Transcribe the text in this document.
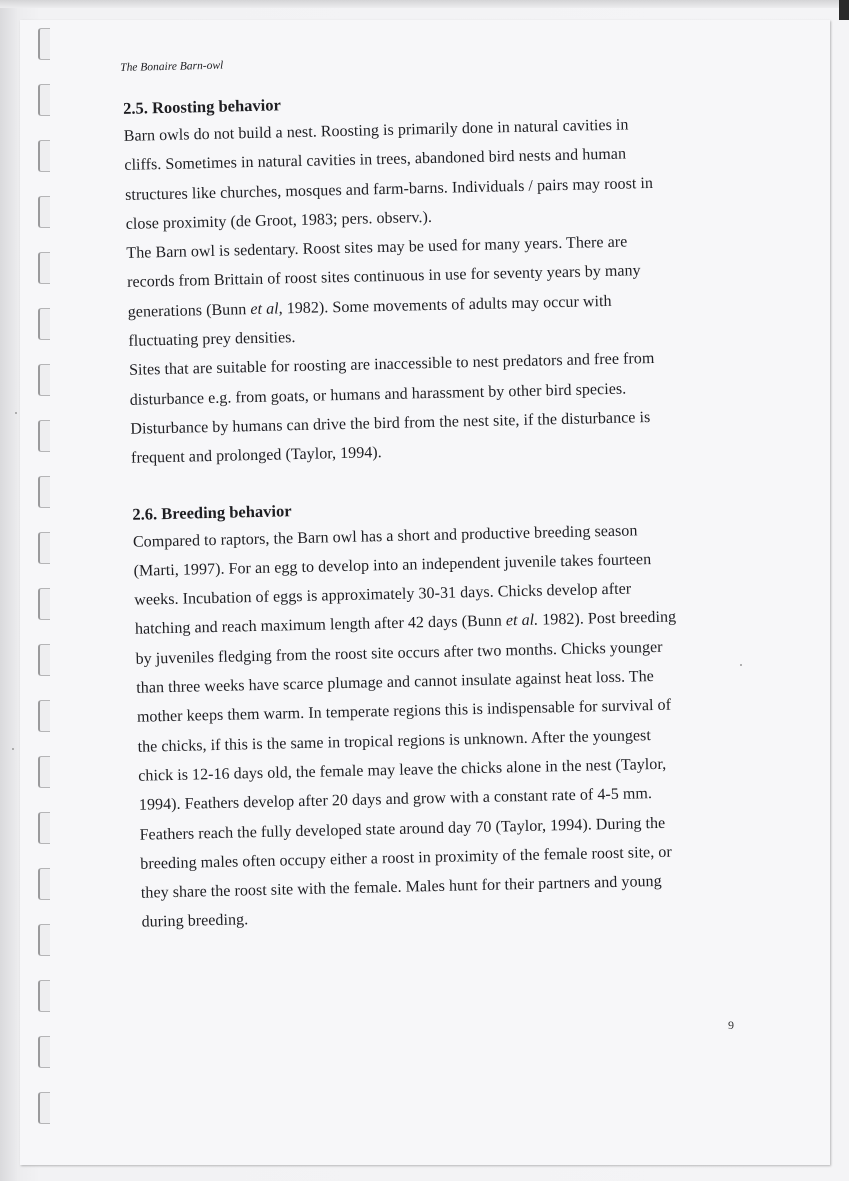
The Bonaire Barn-owl
2.5. Roosting behavior
Barn owls do not build a nest. Roosting is primarily done in natural cavities in
cliffs. Sometimes in natural cavities in trees, abandoned bird nests and human
structures like churches, mosques and farm-barns. Individuals / pairs may roost in
close proximity (de Groot, 1983; pers. observ.).
The Barn owl is sedentary. Roost sites may be used for many years. There are
records from Brittain of roost sites continuous in use for seventy years by many
generations (Bunn et al, 1982). Some movements of adults may occur with
fluctuating prey densities.
Sites that are suitable for roosting are inaccessible to nest predators and free from
disturbance e.g. from goats, or humans and harassment by other bird species.
Disturbance by humans can drive the bird from the nest site, if the disturbance is
frequent and prolonged (Taylor, 1994).
2.6. Breeding behavior
Compared to raptors, the Barn owl has a short and productive breeding season
(Marti, 1997). For an egg to develop into an independent juvenile takes fourteen
weeks. Incubation of eggs is approximately 30-31 days. Chicks develop after
hatching and reach maximum length after 42 days (Bunn et al. 1982). Post breeding
by juveniles fledging from the roost site occurs after two months. Chicks younger
than three weeks have scarce plumage and cannot insulate against heat loss. The
mother keeps them warm. In temperate regions this is indispensable for survival of
the chicks, if this is the same in tropical regions is unknown. After the youngest
chick is 12-16 days old, the female may leave the chicks alone in the nest (Taylor,
1994). Feathers develop after 20 days and grow with a constant rate of 4-5 mm.
Feathers reach the fully developed state around day 70 (Taylor, 1994). During the
breeding males often occupy either a roost in proximity of the female roost site, or
they share the roost site with the female. Males hunt for their partners and young
during breeding.
9
